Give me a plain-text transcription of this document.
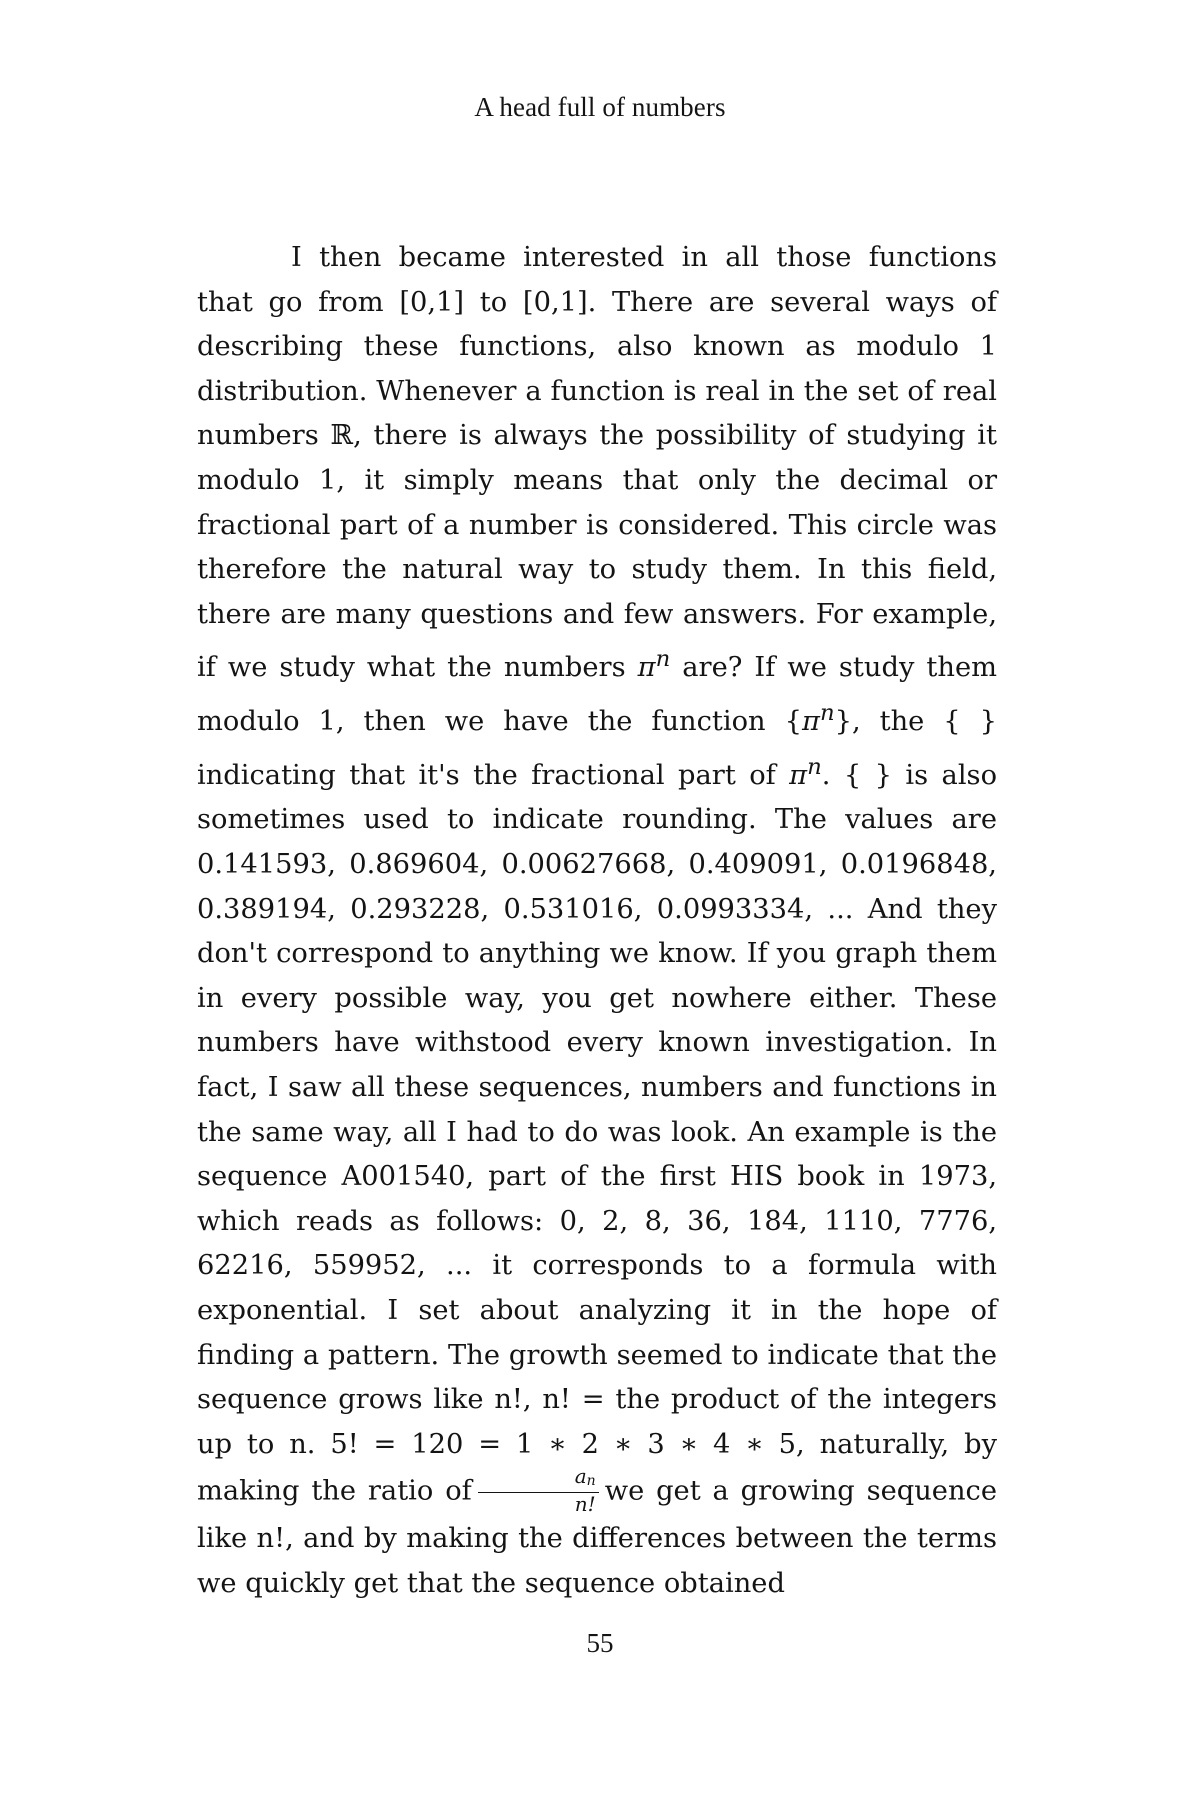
A head full of numbers

I then became interested in all those functions that go from [0,1] to [0,1]. There are several ways of describing these functions, also known as modulo 1 distribution. Whenever a function is real in the set of real numbers ℝ, there is always the possibility of studying it modulo 1, it simply means that only the decimal or fractional part of a number is considered. This circle was therefore the natural way to study them. In this field, there are many questions and few answers. For example, if we study what the numbers $\pi^n$ are? If we study them modulo 1, then we have the function $\{\pi^n\}$, the { } indicating that it's the fractional part of $\pi^n$. { } is also sometimes used to indicate rounding. The values are 0.141593, 0.869604, 0.00627668, 0.409091, 0.0196848, 0.389194, 0.293228, 0.531016, 0.0993334, ... And they don't correspond to anything we know. If you graph them in every possible way, you get nowhere either. These numbers have withstood every known investigation. In fact, I saw all these sequences, numbers and functions in the same way, all I had to do was look. An example is the sequence A001540, part of the first HIS book in 1973, which reads as follows: 0, 2, 8, 36, 184, 1110, 7776, 62216, 559952, ... it corresponds to a formula with exponential. I set about analyzing it in the hope of finding a pattern. The growth seemed to indicate that the sequence grows like n!, n! = the product of the integers up to n. 5! = 120 = 1 ∗ 2 ∗ 3 ∗ 4 ∗ 5, naturally, by making the ratio of $\frac{a_n}{n!}$ we get a growing sequence like n!, and by making the differences between the terms we quickly get that the sequence obtained

55
